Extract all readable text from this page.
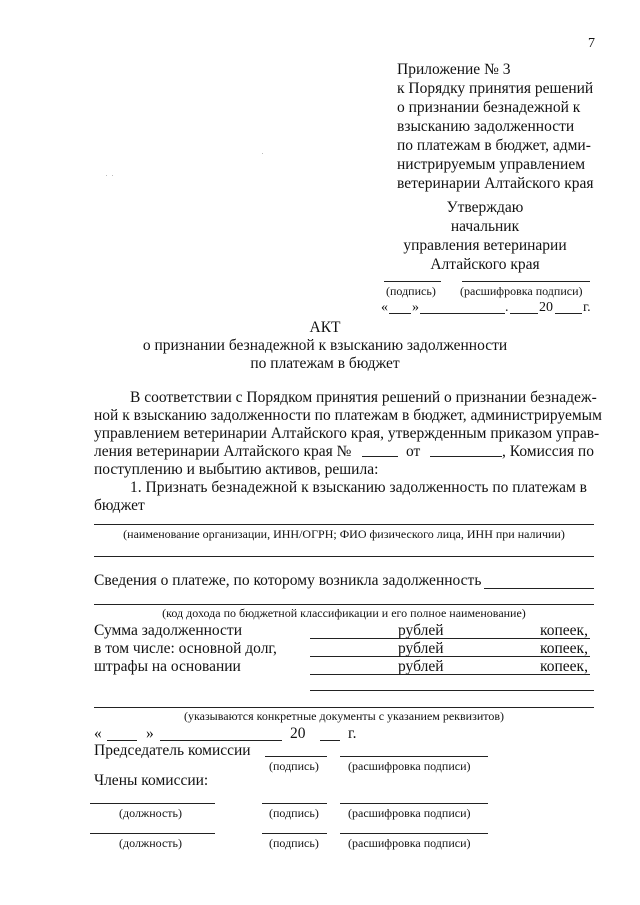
7
Приложение № 3
к Порядку принятия решений
о признании безнадежной к
взысканию задолженности
по платежам в бюджет, адми-
нистрируемым управлением
ветеринарии Алтайского края
Утверждаю
начальник
управления ветеринарии
Алтайского края
(подпись) (расшифровка подписи)
« »	. 20 г.
АКТ
о признании безнадежной к взысканию задолженности
по платежам в бюджет
В соответствии с Порядком принятия решений о признании безнадеж-
ной к взысканию задолженности по платежам в бюджет, администрируемым
управлением ветеринарии Алтайского края, утвержденным приказом управ-
ления ветеринарии Алтайского края №	от	, Комиссия по
поступлению и выбытию активов, решила:
1. Признать безнадежной к взысканию задолженность по платежам в
бюджет
(наименование организации, ИНН/ОГРН; ФИО физического лица, ИНН при наличии)
Сведения о платеже, по которому возникла задолженность
(код дохода по бюджетной классификации и его полное наименование)
Сумма задолженности	рублей	копеек,
в том числе: основной долг,	рублей	копеек,
штрафы на основании	рублей	копеек,
(указываются конкретные документы с указанием реквизитов)
«	»	20	г.
Председатель комиссии
(подпись) (расшифровка подписи)
Члены комиссии:
(должность)	(подпись) (расшифровка подписи)
(должность)	(подпись) (расшифровка подписи)
